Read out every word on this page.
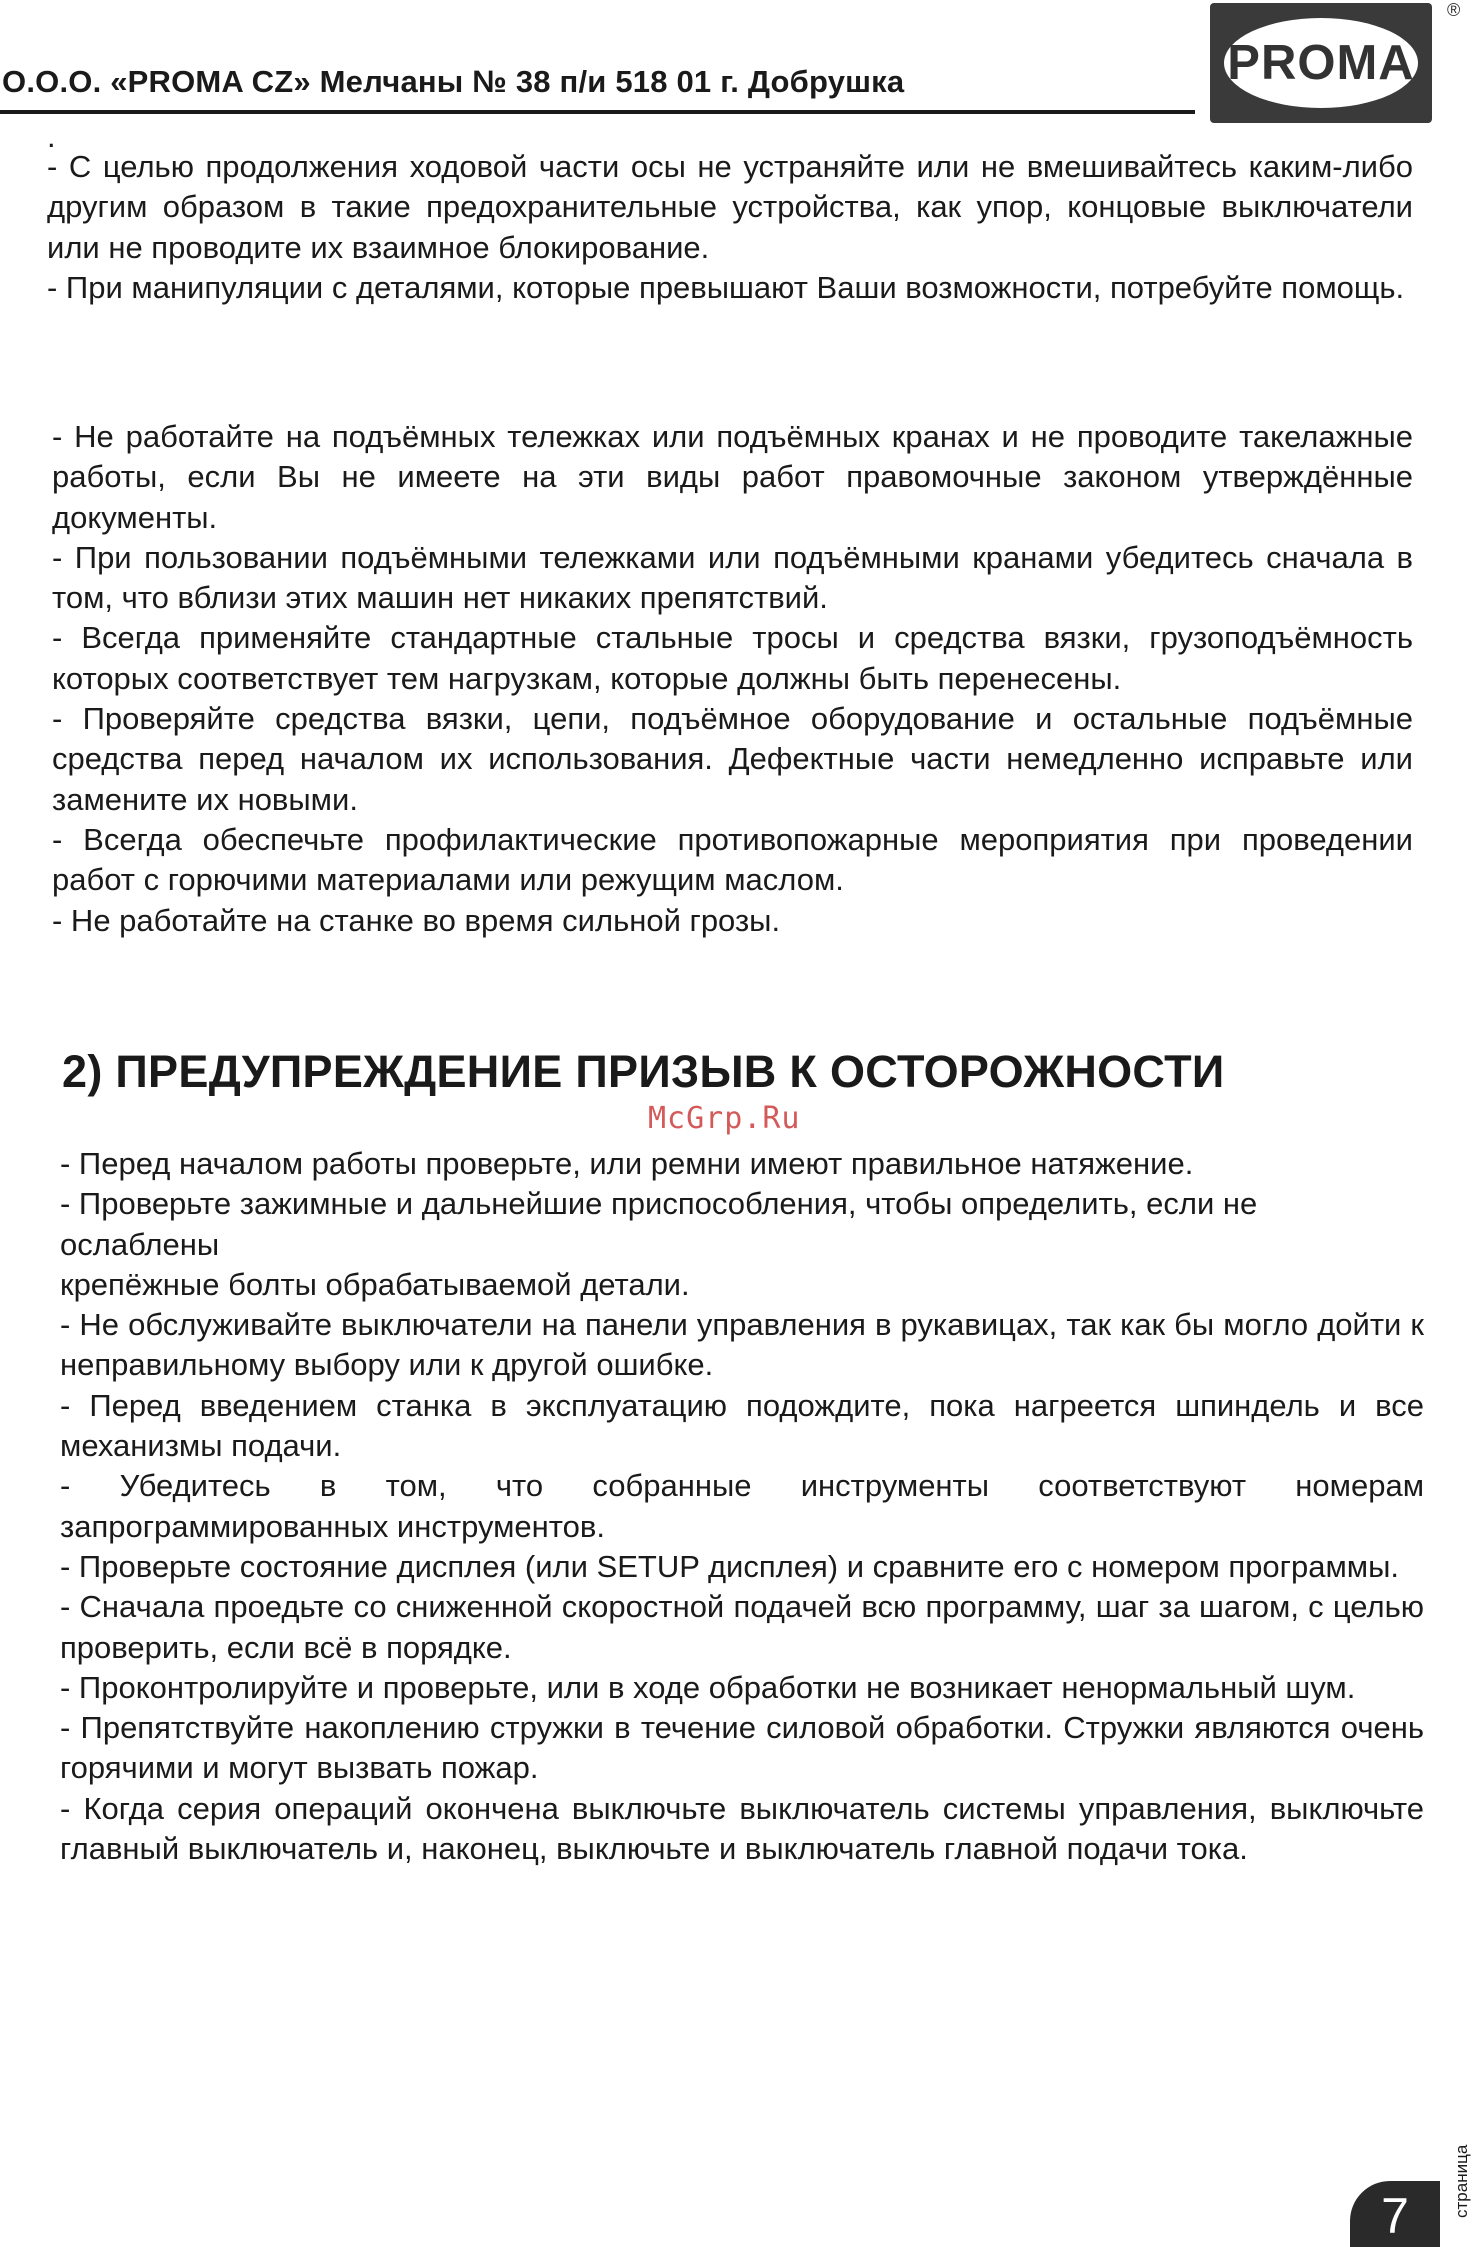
О.О.О. «PROMA CZ» Мелчаны № 38 п/и 518 01 г. Добрушка	PROMA
®

.

- С целью продолжения ходовой части осы не устраняйте или не вмешивайтесь каким-либо другим образом в такие предохранительные устройства, как упор, концовые выключатели или не проводите их взаимное блокирование.

- При манипуляции с деталями, которые превышают Ваши возможности, потребуйте помощь.

- Не работайте на подъёмных тележках или подъёмных кранах и не проводите такелажные работы, если Вы не имеете на эти виды работ правомочные законом утверждённые документы.

- При пользовании подъёмными тележками или подъёмными кранами убедитесь сначала в том, что вблизи этих машин нет никаких препятствий.

- Всегда применяйте стандартные стальные тросы и средства вязки, грузоподъёмность которых соответствует тем нагрузкам, которые должны быть перенесены.

- Проверяйте средства вязки, цепи, подъёмное оборудование и остальные подъёмные средства перед началом их использования. Дефектные части немедленно исправьте или замените их новыми.

- Всегда обеспечьте профилактические противопожарные мероприятия при проведении работ с горючими материалами или режущим маслом.

- Не работайте на станке во время сильной грозы.

2) ПРЕДУПРЕЖДЕНИЕ ПРИЗЫВ К ОСТОРОЖНОСТИ
McGrp.Ru

- Перед началом работы проверьте, или ремни имеют правильное натяжение.

- Проверьте зажимные и дальнейшие приспособления, чтобы определить, если не ослаблены

крепёжные болты обрабатываемой детали.

- Не обслуживайте выключатели на панели управления в рукавицах, так как бы могло дойти к неправильному выбору или к другой ошибке.

- Перед введением станка в эксплуатацию подождите, пока нагреется шпиндель и все механизмы подачи.

- Убедитесь в том, что собранные инструменты соответствуют номерам запрограммированных инструментов.

- Проверьте состояние дисплея (или SETUP дисплея) и сравните его с номером программы.

- Сначала проедьте со сниженной скоростной подачей всю программу, шаг за шагом, с целью проверить, если всё в порядке.

- Проконтролируйте и проверьте, или в ходе обработки не возникает ненормальный шум.

- Препятствуйте накоплению стружки в течение силовой обработки. Стружки являются очень горячими и могут вызвать пожар.

- Когда серия операций окончена выключьте выключатель системы управления, выключьте главный выключатель и, наконец, выключьте и выключатель главной подачи тока.

7	страница
